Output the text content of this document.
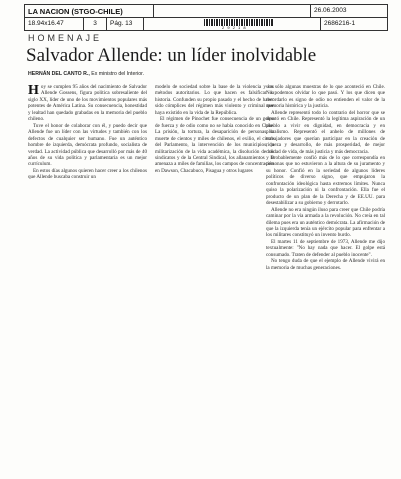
LA NACION (STGO-CHILE)	26.06.2003
18.94x16.47	3	Pág. 13
2 9 2 1 8
2686216-1
HOMENAJE
Salvador Allende: un líder inolvidable
HERNÁN DEL CANTO R., Ex ministro del Interior.

Hoy se cumplen 95 años del nacimiento de Salvador Allende Gossens, figura política sobresaliente del siglo XX, líder de uno de los movimientos populares más potentes de América Latina. Su consecuencia, honestidad y lealtad han quedado grabadas en la memoria del pueblo chileno.

Tuve el honor de colaborar con él, y puedo decir que Allende fue un líder con las virtudes y también con los defectos de cualquier ser humano. Fue un auténtico hombre de izquierda, demócrata profundo, socialista de verdad. La actividad pública que desarrolló por más de 40 años de su vida política y parlamentaria es un mejor currículum.

En estos días algunos quieren hacer creer a los chilenos que Allende buscaba construir un

modelo de sociedad sobre la base de la violencia y los métodos autoritarios. Lo que hacen es falsificar la historia. Confunden su propio pasado y el hecho de haber sido cómplices del régimen más violento y criminal que haya existido en la vida de la República.

El régimen de Pinochet fue consecuencia de un golpe de fuerza y de odio como no se había conocido en Chile. La prisión, la tortura, la desaparición de personas, la muerte de cientos y miles de chilenos, el exilio, el cierre del Parlamento, la intervención de los municipios, la militarización de la vida académica, la disolución de los sindicatos y de la Central Sindical, los allanamientos y la amenaza a miles de familias, los campos de concentración en Dawson, Chacabuco, Pisagua y otros lugares

son sólo algunas muestras de lo que aconteció en Chile. No podemos olvidar lo que pasó. Y los que dicen que recordarlo es signo de odio no entienden el valor de la memoria histórica y la justicia.

Allende representó todo lo contrario del horror que se desató en Chile. Representó la legítima aspiración de un pueblo a vivir en dignidad, en democracia y en pluralismo. Representó el anhelo de millones de trabajadores que querían participar en la creación de riqueza y desarrollo, de más prosperidad, de mejor calidad de vida, de más justicia y más democracia.

Probablemente confió más de lo que correspondía en personas que no estuvieron a la altura de su juramento y su honor. Confió en la seriedad de algunos líderes políticos de diverso signo, que empujaron la confrontación ideológica hasta extremos límites. Nunca quiso la polarización ni la confrontación. Ella fue el producto de un plan de la Derecha y de EE.UU. para desestabilizar a su gobierno y derrotarlo.

Allende no era ningún iluso para creer que Chile podría caminar por la vía armada a la revolución. No creía en tal dilema pues era un auténtico demócrata. La afirmación de que la izquierda tenía un ejército popular para enfrentar a los militares constituyó un invento burdo.

El martes 11 de septiembre de 1973, Allende me dijo textualmente: "No hay nada que hacer. El golpe está consumado. Traten de defender al pueblo inocente".

No tengo duda de que el ejemplo de Allende vivirá en la memoria de muchas generaciones.
